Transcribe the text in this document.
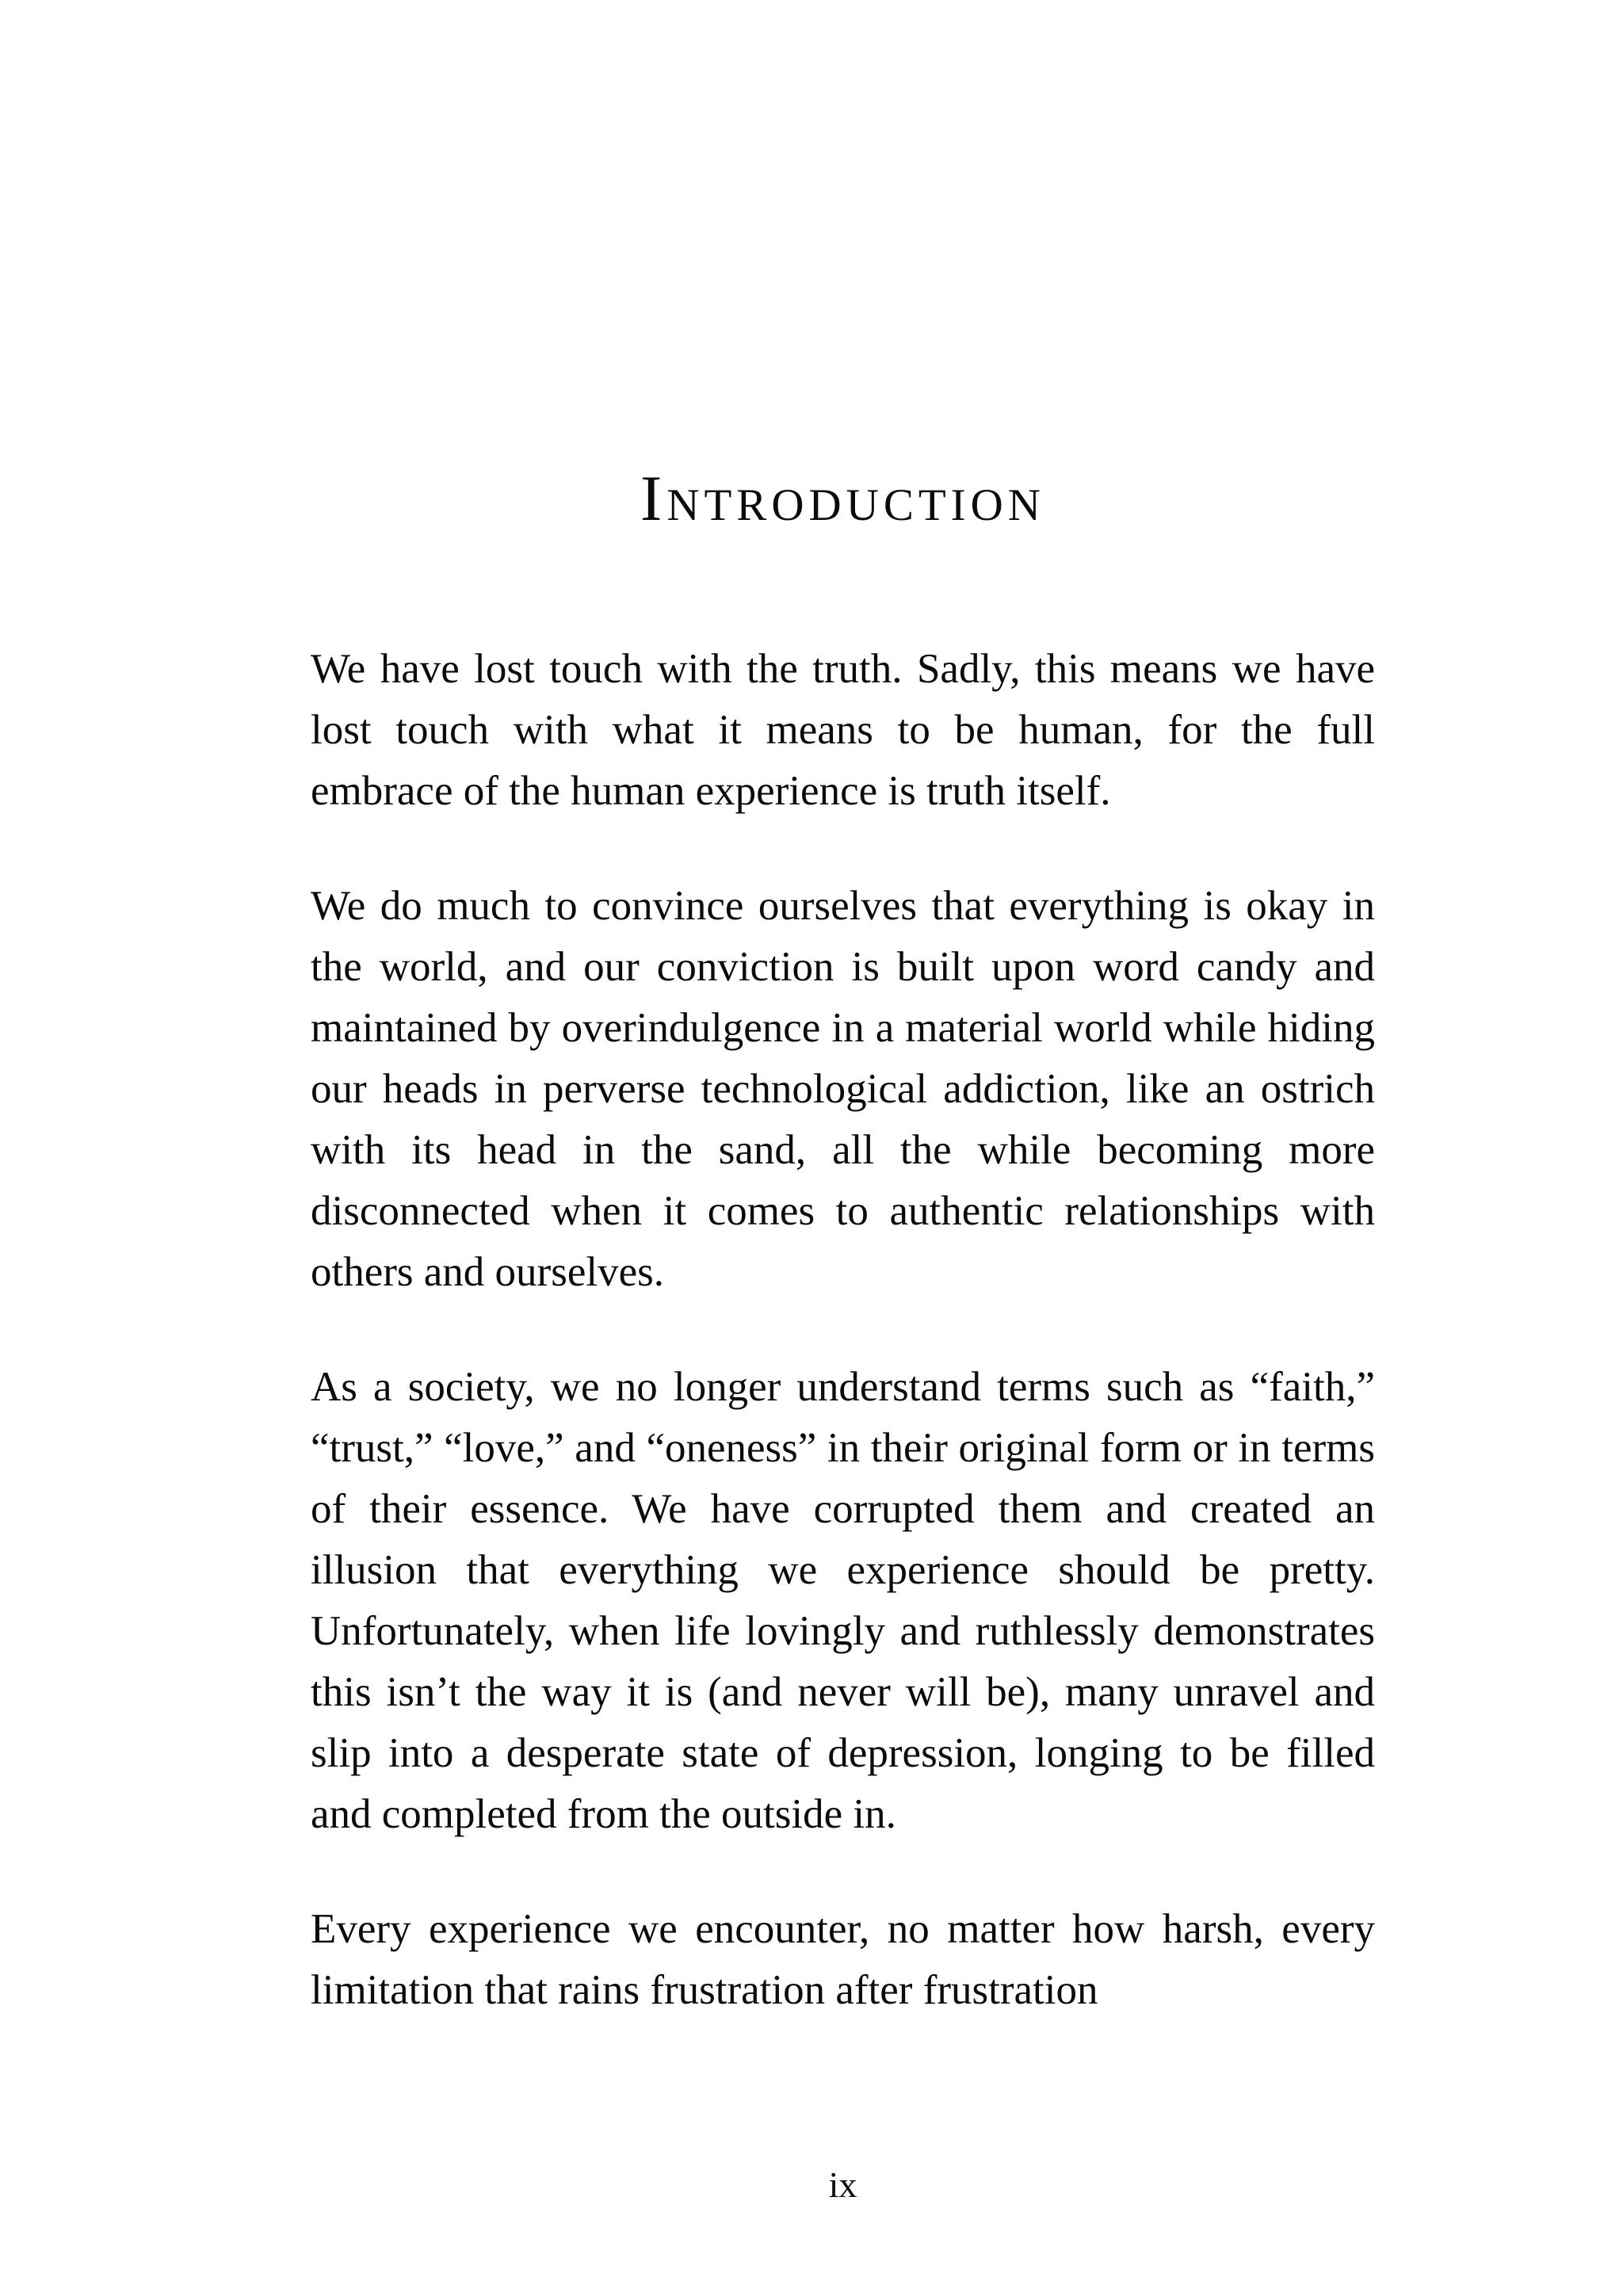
Introduction

We have lost touch with the truth. Sadly, this means we have lost touch with what it means to be human, for the full embrace of the human experience is truth itself.

We do much to convince ourselves that everything is okay in the world, and our conviction is built upon word candy and maintained by overindulgence in a material world while hiding our heads in perverse technological addiction, like an ostrich with its head in the sand, all the while becoming more disconnected when it comes to authentic relationships with others and ourselves.

As a society, we no longer understand terms such as “faith,” “trust,” “love,” and “oneness” in their original form or in terms of their essence. We have corrupted them and created an illusion that everything we experience should be pretty. Unfortunately, when life lovingly and ruthlessly demonstrates this isn’t the way it is (and never will be), many unravel and slip into a desperate state of depression, longing to be filled and completed from the outside in.

Every experience we encounter, no matter how harsh, every limitation that rains frustration after frustration

ix
